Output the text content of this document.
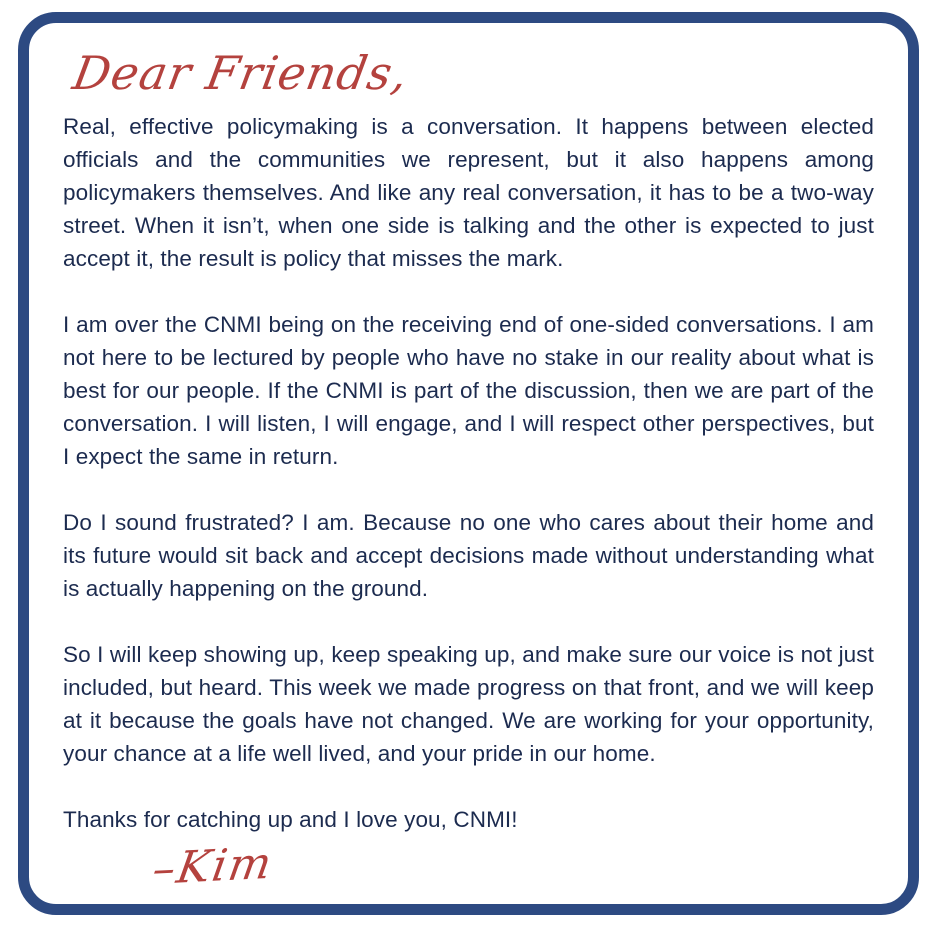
Dear Friends,

Real, effective policymaking is a conversation. It happens between elected officials and the communities we represent, but it also happens among policymakers themselves. And like any real conversation, it has to be a two-way street. When it isn’t, when one side is talking and the other is expected to just accept it, the result is policy that misses the mark.

I am over the CNMI being on the receiving end of one-sided conversations. I am not here to be lectured by people who have no stake in our reality about what is best for our people. If the CNMI is part of the discussion, then we are part of the conversation. I will listen, I will engage, and I will respect other perspectives, but I expect the same in return.

Do I sound frustrated? I am. Because no one who cares about their home and its future would sit back and accept decisions made without understanding what is actually happening on the ground.

So I will keep showing up, keep speaking up, and make sure our voice is not just included, but heard. This week we made progress on that front, and we will keep at it because the goals have not changed. We are working for your opportunity, your chance at a life well lived, and your pride in our home.

Thanks for catching up and I love you, CNMI!

–Kim
